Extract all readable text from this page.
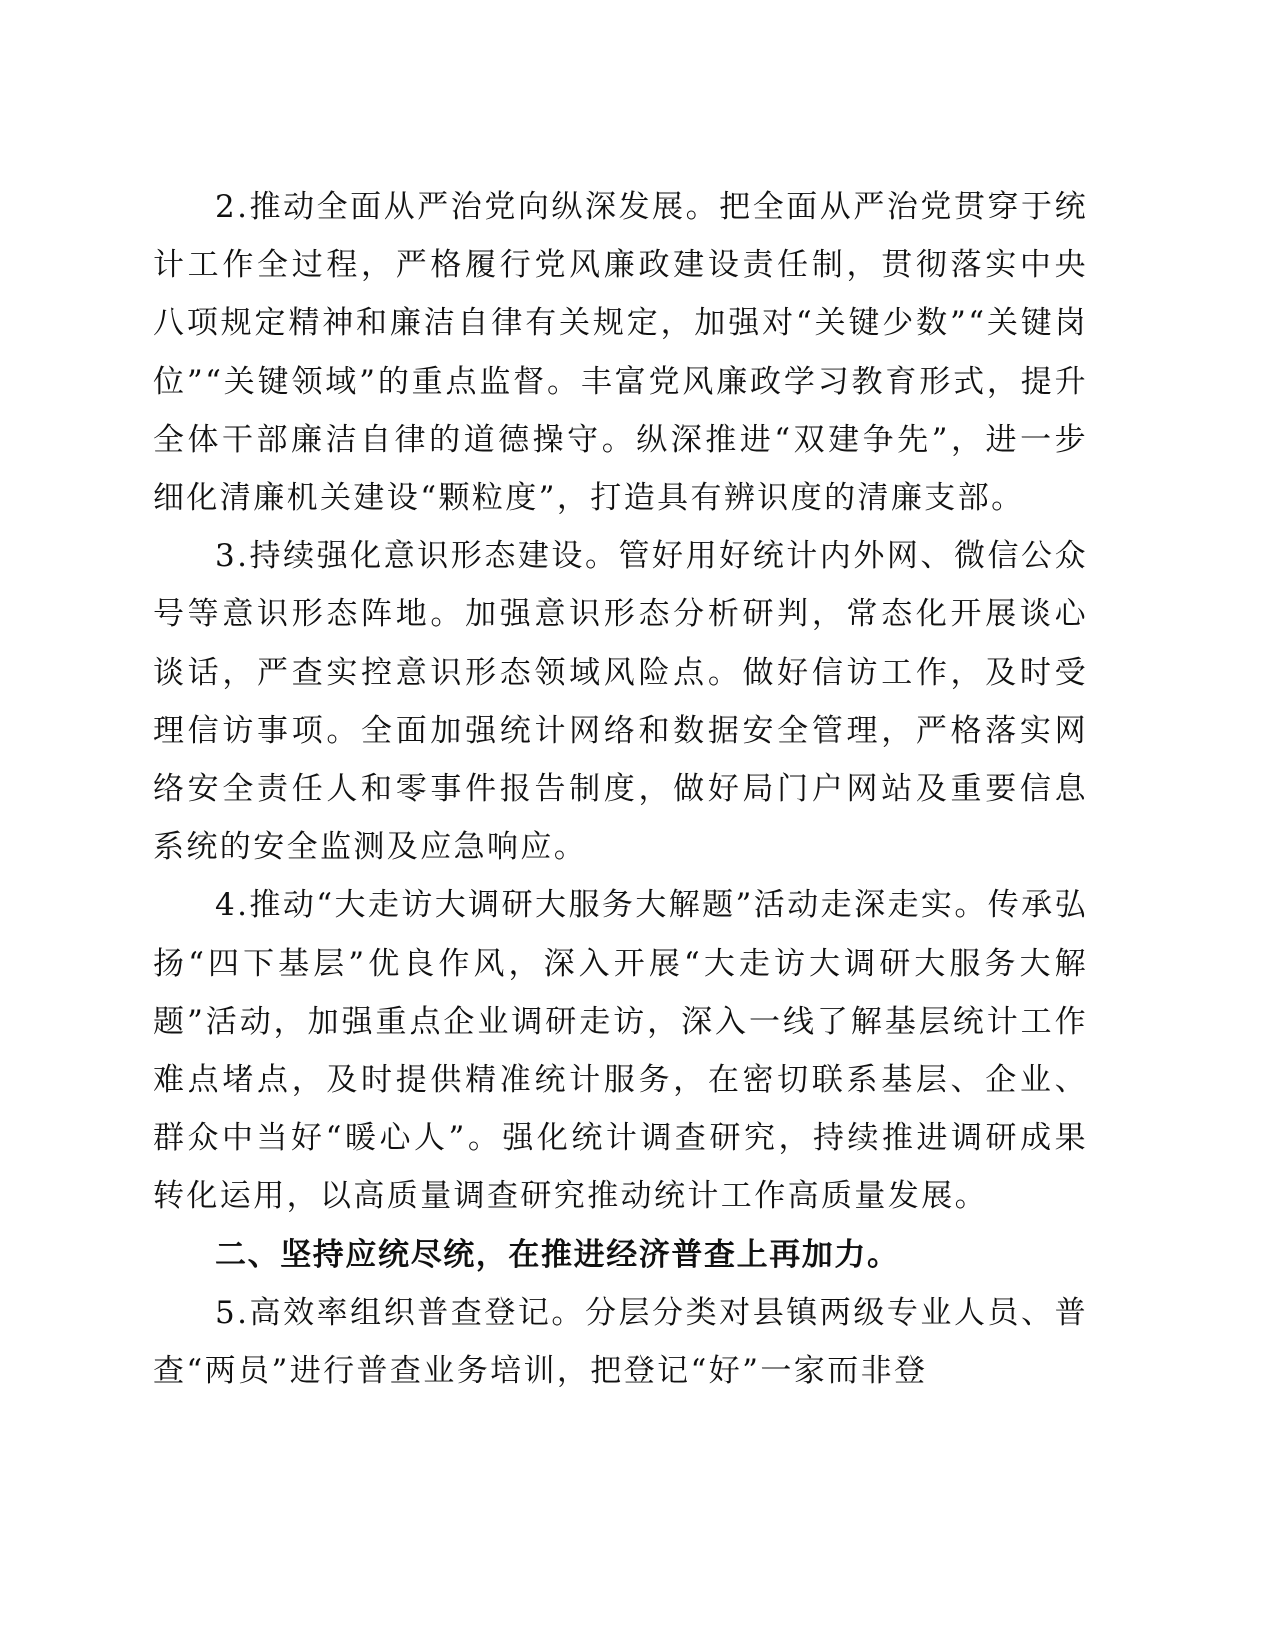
2.推动全面从严治党向纵深发展。把全面从严治党贯穿于统计工作全过程，严格履行党风廉政建设责任制，贯彻落实中央八项规定精神和廉洁自律有关规定，加强对“关键少数”“关键岗位”“关键领域”的重点监督。丰富党风廉政学习教育形式，提升全体干部廉洁自律的道德操守。纵深推进“双建争先”，进一步细化清廉机关建设“颗粒度”，打造具有辨识度的清廉支部。

3.持续强化意识形态建设。管好用好统计内外网、微信公众号等意识形态阵地。加强意识形态分析研判，常态化开展谈心谈话，严查实控意识形态领域风险点。做好信访工作，及时受理信访事项。全面加强统计网络和数据安全管理，严格落实网络安全责任人和零事件报告制度，做好局门户网站及重要信息系统的安全监测及应急响应。

4.推动“大走访大调研大服务大解题”活动走深走实。传承弘扬“四下基层”优良作风，深入开展“大走访大调研大服务大解题”活动，加强重点企业调研走访，深入一线了解基层统计工作难点堵点，及时提供精准统计服务，在密切联系基层、企业、群众中当好“暖心人”。强化统计调查研究，持续推进调研成果转化运用，以高质量调查研究推动统计工作高质量发展。

二、坚持应统尽统，在推进经济普查上再加力。

5.高效率组织普查登记。分层分类对县镇两级专业人员、普查“两员”进行普查业务培训，把登记“好”一家而非登
